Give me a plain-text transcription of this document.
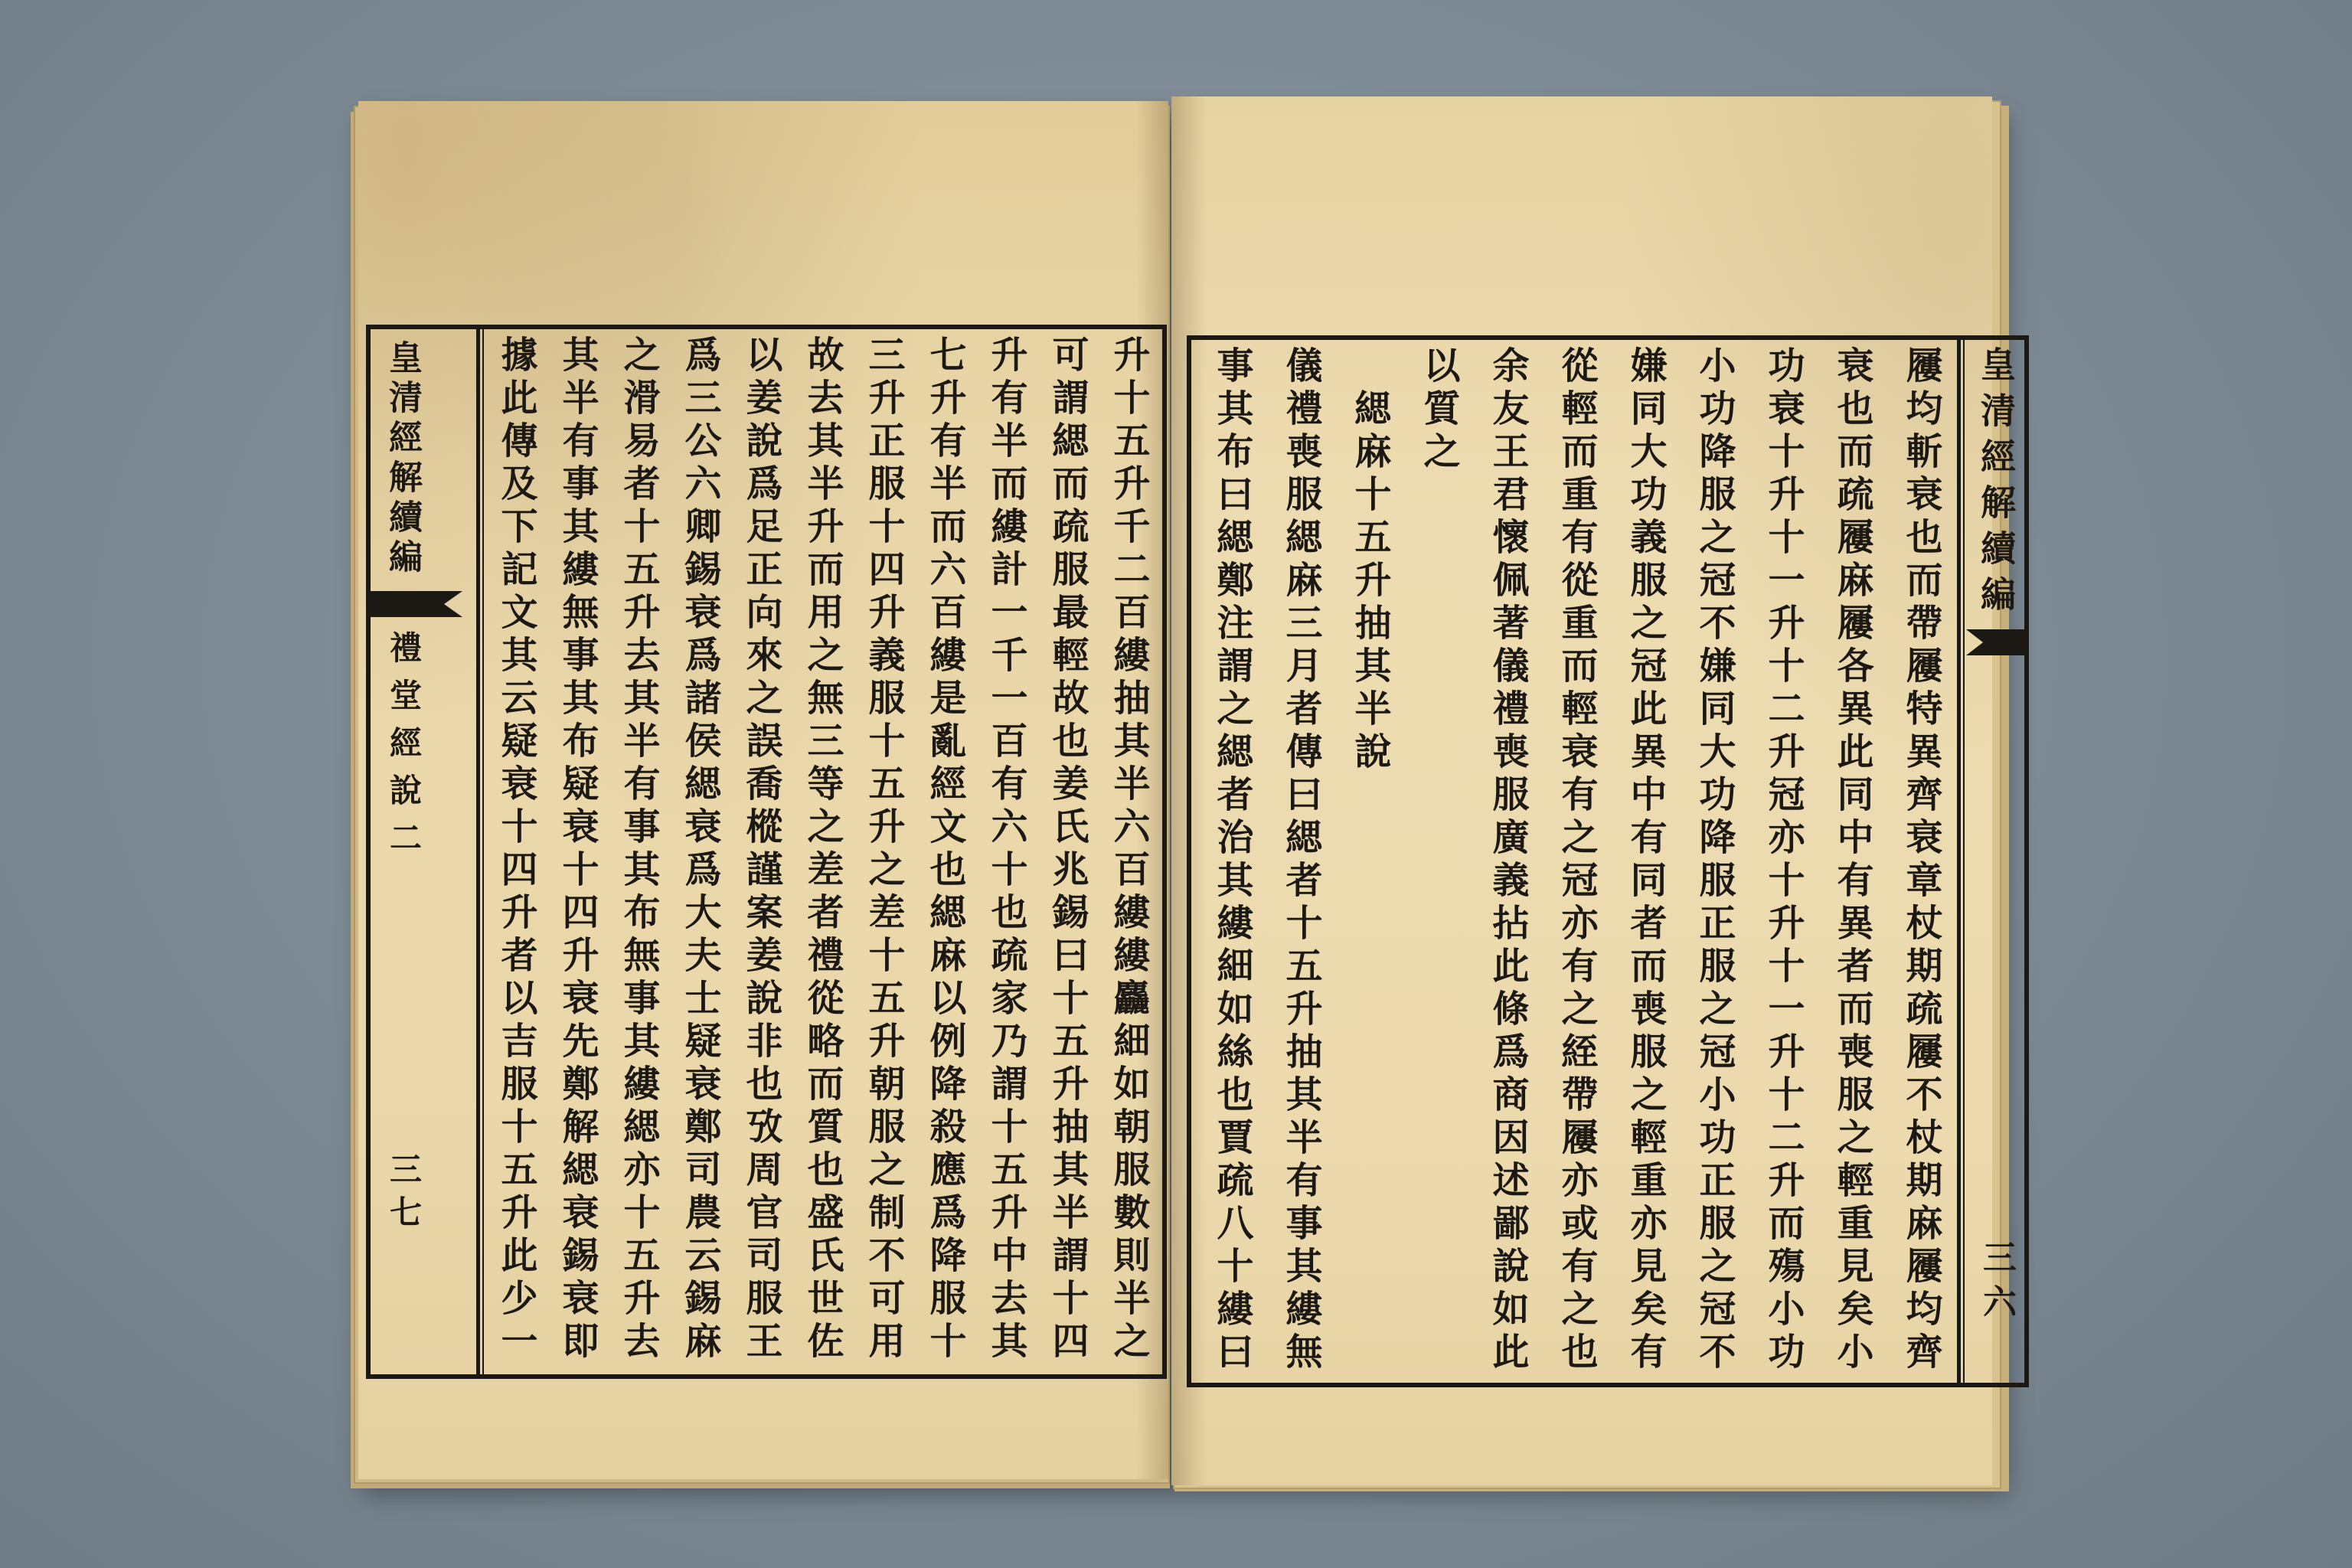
皇清經解續編
禮堂經說二
三七	升十五升千二百縷抽其半六百縷縷麤細如朝服數則半之
可謂緦而疏服最輕故也姜氏兆錫曰十五升抽其半謂十四
升有半而縷計一千一百有六十也疏家乃謂十五升中去其
七升有半而六百縷是亂經文也緦麻以例降殺應爲降服十
三升正服十四升義服十五升之差十五升朝服之制不可用
故去其半升而用之無三等之差者禮從略而質也盛氏世佐
以姜說爲足正向來之誤喬樅謹案姜說非也攷周官司服王
爲三公六卿錫衰爲諸侯緦衰爲大夫士疑衰鄭司農云錫麻
之滑易者十五升去其半有事其布無事其縷緦亦十五升去
其半有事其縷無事其布疑衰十四升衰先鄭解緦衰錫衰即
據此傳及下記文其云疑衰十四升者以吉服十五升此少一	屨均斬衰也而帶屨特異齊衰章杖期疏屨不杖期麻屨均齊
衰也而疏屨麻屨各異此同中有異者而喪服之輕重見矣小
功衰十升十一升十二升冠亦十升十一升十二升而殤小功
小功降服之冠不嫌同大功降服正服之冠小功正服之冠不
嫌同大功義服之冠此異中有同者而喪服之輕重亦見矣有
從輕而重有從重而輕衰有之冠亦有之絰帶屨亦或有之也
余友王君懷佩著儀禮喪服廣義拈此條爲商因述鄙說如此
以質之
緦麻十五升抽其半說
儀禮喪服緦麻三月者傳曰緦者十五升抽其半有事其縷無
事其布曰緦鄭注謂之緦者治其縷細如絲也賈疏八十縷曰	皇清經解續編
三六
